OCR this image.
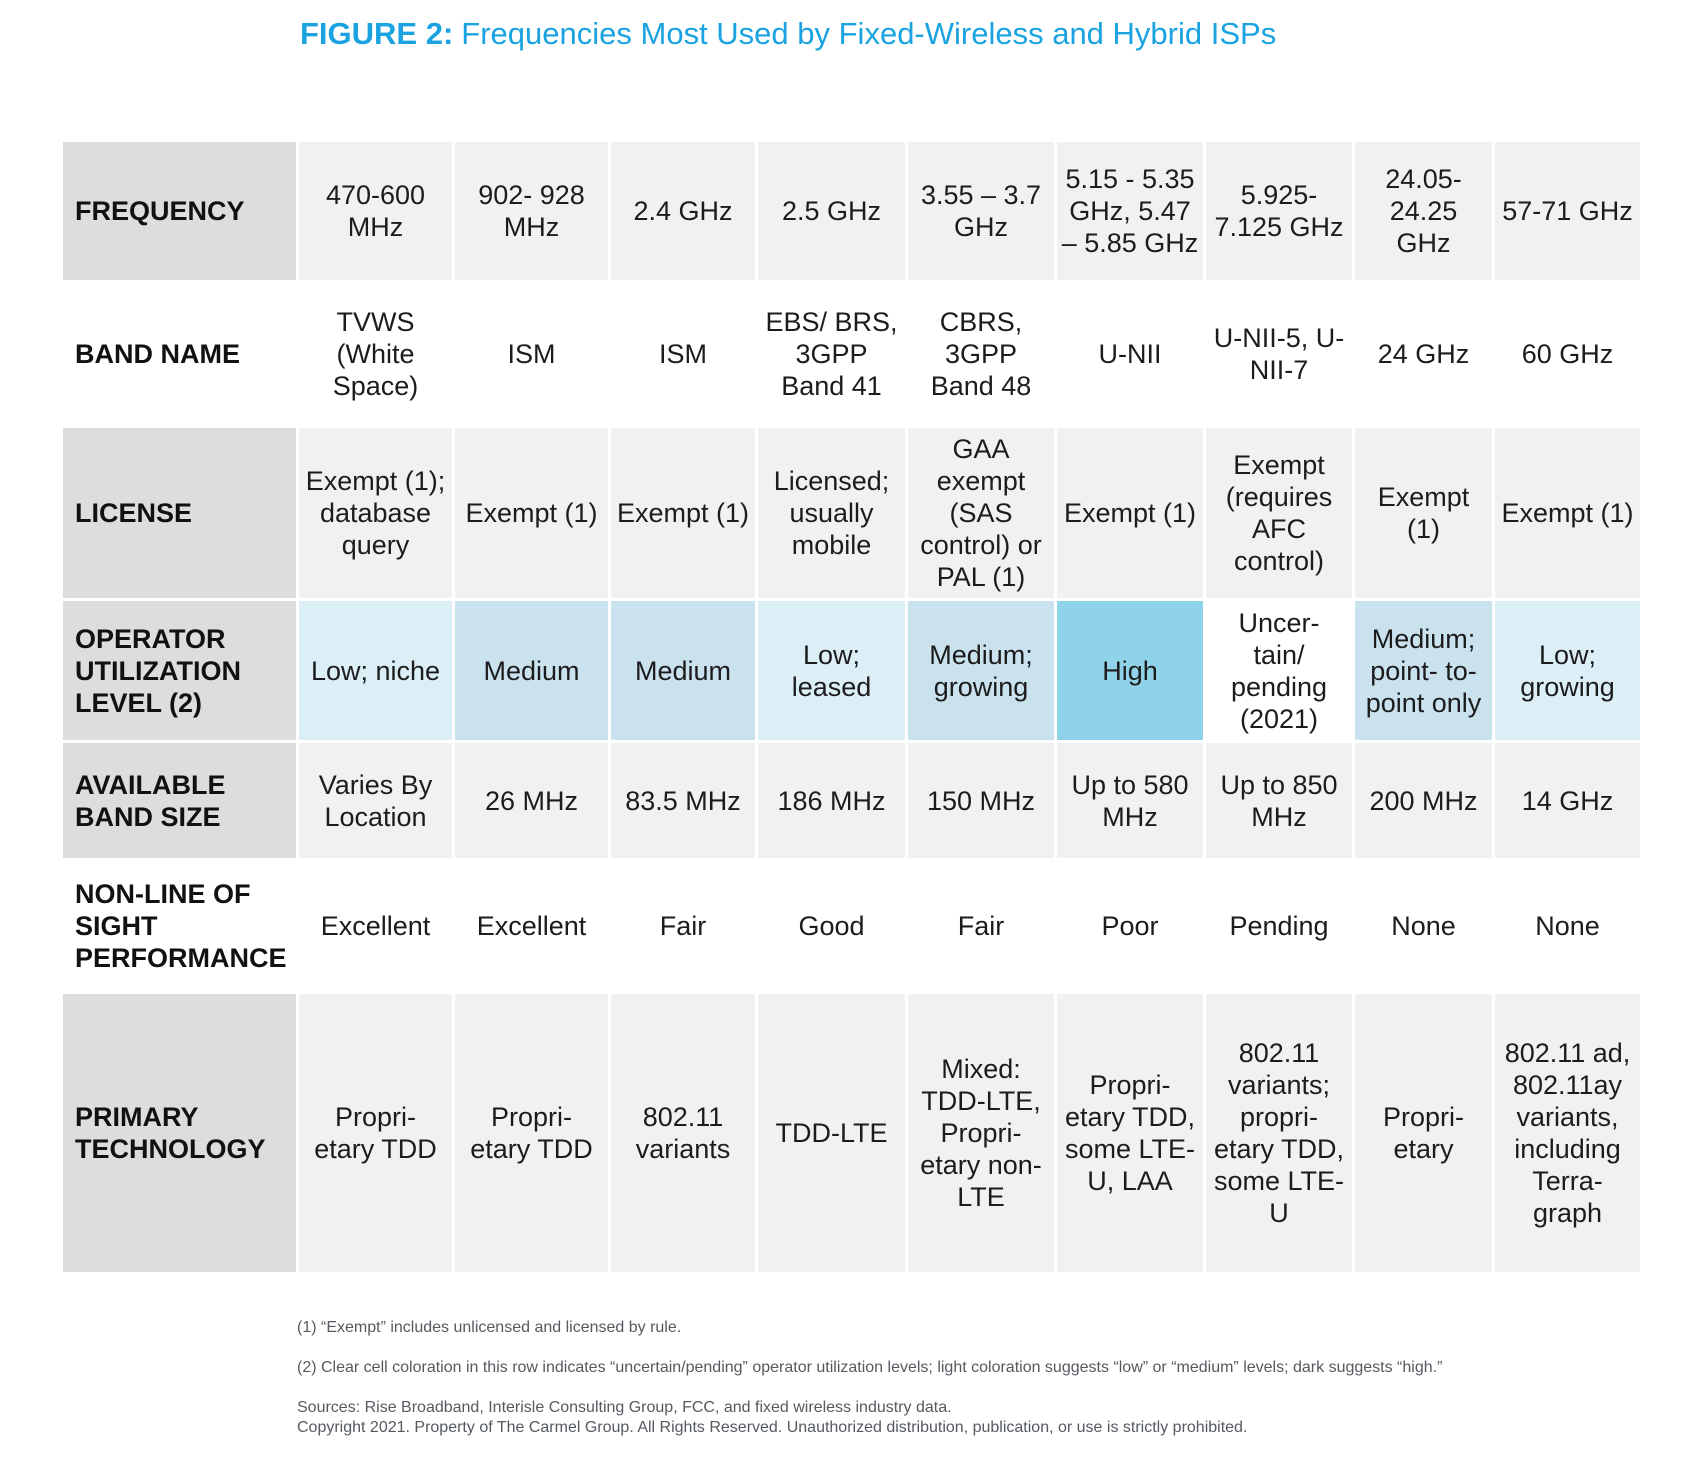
FIGURE 2: Frequencies Most Used by Fixed-Wireless and Hybrid ISPs
FREQUENCY	470-600 MHz	902- 928 MHz	2.4 GHz	2.5 GHz	3.55 – 3.7 GHz	5.15 - 5.35 GHz, 5.47 – 5.85 GHz	5.925- 7.125 GHz	24.05- 24.25 GHz	57-71 GHz
BAND NAME	TVWS (White Space)	ISM	ISM	EBS/ BRS, 3GPP Band 41	CBRS, 3GPP Band 48	U-NII	U-NII-5, U-NII-7	24 GHz	60 GHz
LICENSE	Exempt (1); database query	Exempt (1)	Exempt (1)	Licensed; usually mobile	GAA exempt (SAS control) or PAL (1)	Exempt (1)	Exempt (requires AFC control)	Exempt (1)	Exempt (1)
OPERATOR UTILIZATION LEVEL (2)	Low; niche	Medium	Medium	Low; leased	Medium; growing	High	Uncer- tain/ pending (2021)	Medium; point- to-point only	Low; growing
AVAILABLE BAND SIZE	Varies By Location	26 MHz	83.5 MHz	186 MHz	150 MHz	Up to 580 MHz	Up to 850 MHz	200 MHz	14 GHz
NON-LINE OF SIGHT PERFORMANCE	Excellent	Excellent	Fair	Good	Fair	Poor	Pending	None	None
PRIMARY TECHNOLOGY	Propri- etary TDD	Propri- etary TDD	802.11 variants	TDD-LTE	Mixed: TDD-LTE, Propri- etary non-LTE	Propri- etary TDD, some LTE-U, LAA	802.11 variants; propri- etary TDD, some LTE-U	Propri- etary	802.11 ad, 802.11ay variants, including Terra- graph

(1) “Exempt” includes unlicensed and licensed by rule.

(2) Clear cell coloration in this row indicates “uncertain/pending” operator utilization levels; light coloration suggests “low” or “medium” levels; dark suggests “high.”

Sources: Rise Broadband, Interisle Consulting Group, FCC, and fixed wireless industry data.

Copyright 2021. Property of The Carmel Group. All Rights Reserved. Unauthorized distribution, publication, or use is strictly prohibited.
